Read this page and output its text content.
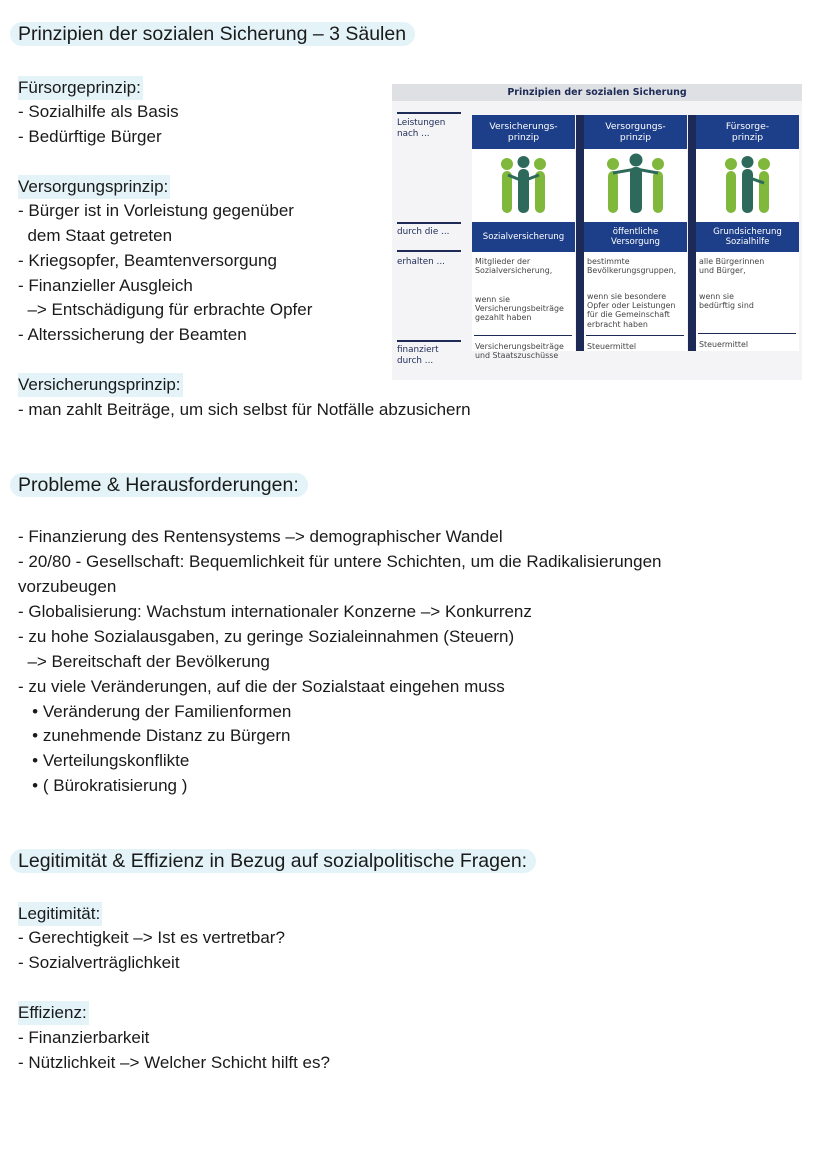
Prinzipien der sozialen Sicherung – 3 Säulen
Fürsorgeprinzip:
- Sozialhilfe als Basis
- Bedürftige Bürger
Versorgungsprinzip:
- Bürger ist in Vorleistung gegenüber
dem Staat getreten
- Kriegsopfer, Beamtenversorgung
- Finanzieller Ausgleich
–> Entschädigung für erbrachte Opfer
- Alterssicherung der Beamten
Versicherungsprinzip:
- man zahlt Beiträge, um sich selbst für Notfälle abzusichern
Prinzipien der sozialen Sicherung
Leistungen
nach ...
durch die ...
erhalten ...
finanziert
durch ...
Versicherungs-
prinzip
Sozialversicherung
Mitglieder der
Sozialversicherung,
wenn sie
Versicherungsbeiträge
gezahlt haben
Versicherungsbeiträge
und Staatszuschüsse
Versorgungs-
prinzip
öffentliche
Versorgung
bestimmte
Bevölkerungsgruppen,
wenn sie besondere
Opfer oder Leistungen
für die Gemeinschaft
erbracht haben
Steuermittel
Fürsorge-
prinzip
Grundsicherung
Sozialhilfe
alle Bürgerinnen
und Bürger,
wenn sie
bedürftig sind
Steuermittel
Probleme & Herausforderungen:
- Finanzierung des Rentensystems –> demographischer Wandel
- 20/80 - Gesellschaft: Bequemlichkeit für untere Schichten, um die Radikalisierungen
vorzubeugen
- Globalisierung: Wachstum internationaler Konzerne –> Konkurrenz
- zu hohe Sozialausgaben, zu geringe Sozialeinnahmen (Steuern)
–> Bereitschaft der Bevölkerung
- zu viele Veränderungen, auf die der Sozialstaat eingehen muss
• Veränderung der Familienformen
• zunehmende Distanz zu Bürgern
• Verteilungskonflikte
• ( Bürokratisierung )
Legitimität & Effizienz in Bezug auf sozialpolitische Fragen:
Legitimität:
- Gerechtigkeit –> Ist es vertretbar?
- Sozialverträglichkeit
Effizienz:
- Finanzierbarkeit
- Nützlichkeit –> Welcher Schicht hilft es?
